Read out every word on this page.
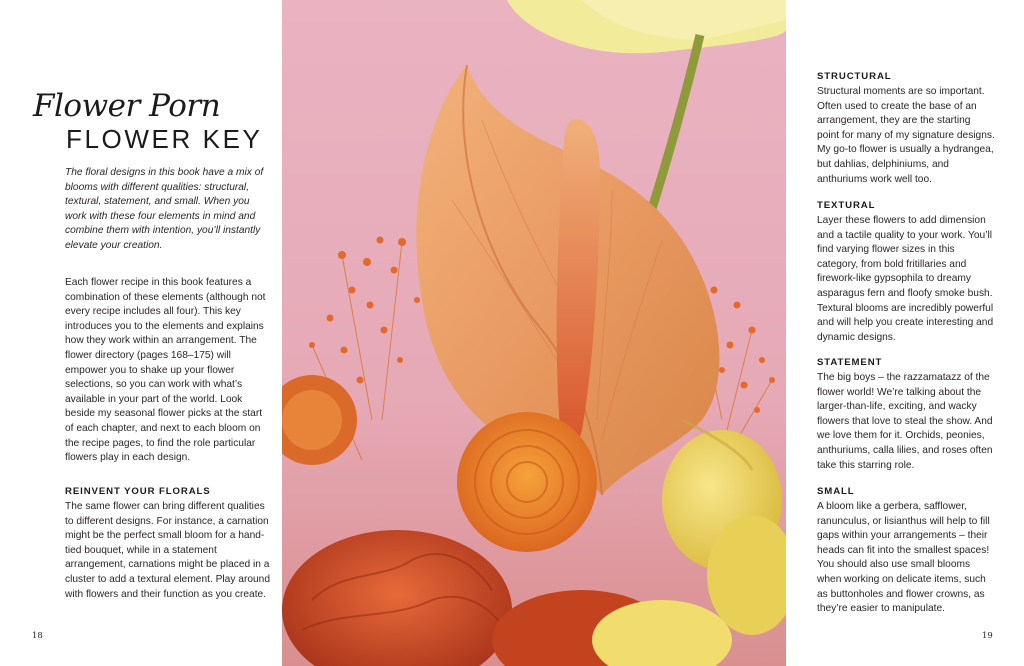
Flower Porn
FLOWER KEY

The floral designs in this book have a mix of blooms with different qualities: structural, textural, statement, and small. When you work with these four elements in mind and combine them with intention, you’ll instantly elevate your creation.

Each flower recipe in this book features a combination of these elements (although not every recipe includes all four). This key introduces you to the elements and explains how they work within an arrangement. The flower directory (pages 168–175) will empower you to shake up your flower selections, so you can work with what’s available in your part of the world. Look beside my seasonal flower picks at the start of each chapter, and next to each bloom on the recipe pages, to find the role particular flowers play in each design.

REINVENT YOUR FLORALS

The same flower can bring different qualities to different designs. For instance, a carnation might be the perfect small bloom for a hand-tied bouquet, while in a statement arrangement, carnations might be placed in a cluster to add a textural element. Play around with flowers and their function as you create.

18
STRUCTURAL

Structural moments are so important. Often used to create the base of an arrangement, they are the starting point for many of my signature designs. My go-to flower is usually a hydrangea, but dahlias, delphiniums, and anthuriums work well too.

TEXTURAL

Layer these flowers to add dimension and a tactile quality to your work. You’ll find varying flower sizes in this category, from bold fritillaries and firework-like gypsophila to dreamy asparagus fern and floofy smoke bush. Textural blooms are incredibly powerful and will help you create interesting and dynamic designs.

STATEMENT

The big boys – the razzamatazz of the flower world! We’re talking about the larger-than-life, exciting, and wacky flowers that love to steal the show. And we love them for it. Orchids, peonies, anthuriums, calla lilies, and roses often take this starring role.

SMALL

A bloom like a gerbera, safflower, ranunculus, or lisianthus will help to fill gaps within your arrangements – their heads can fit into the smallest spaces! You should also use small blooms when working on delicate items, such as buttonholes and flower crowns, as they’re easier to manipulate.

19
